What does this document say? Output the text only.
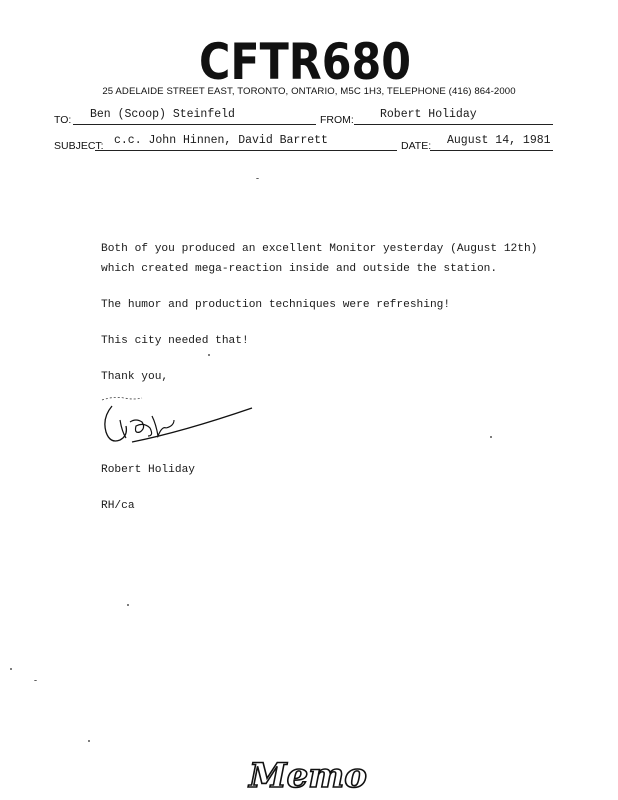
CFTR680
25 ADELAIDE STREET EAST, TORONTO, ONTARIO, M5C 1H3, TELEPHONE (416) 864-2000
TO: Ben (Scoop) Steinfeld	FROM: Robert Holiday
SUBJECT: c.c. John Hinnen, David Barrett	DATE: August 14, 1981
Both of you produced an excellent Monitor yesterday (August 12th)
which created mega-reaction inside and outside the station.
The humor and production techniques were refreshing!
This city needed that!
Thank you,
Robert Holiday
RH/ca
Memo
